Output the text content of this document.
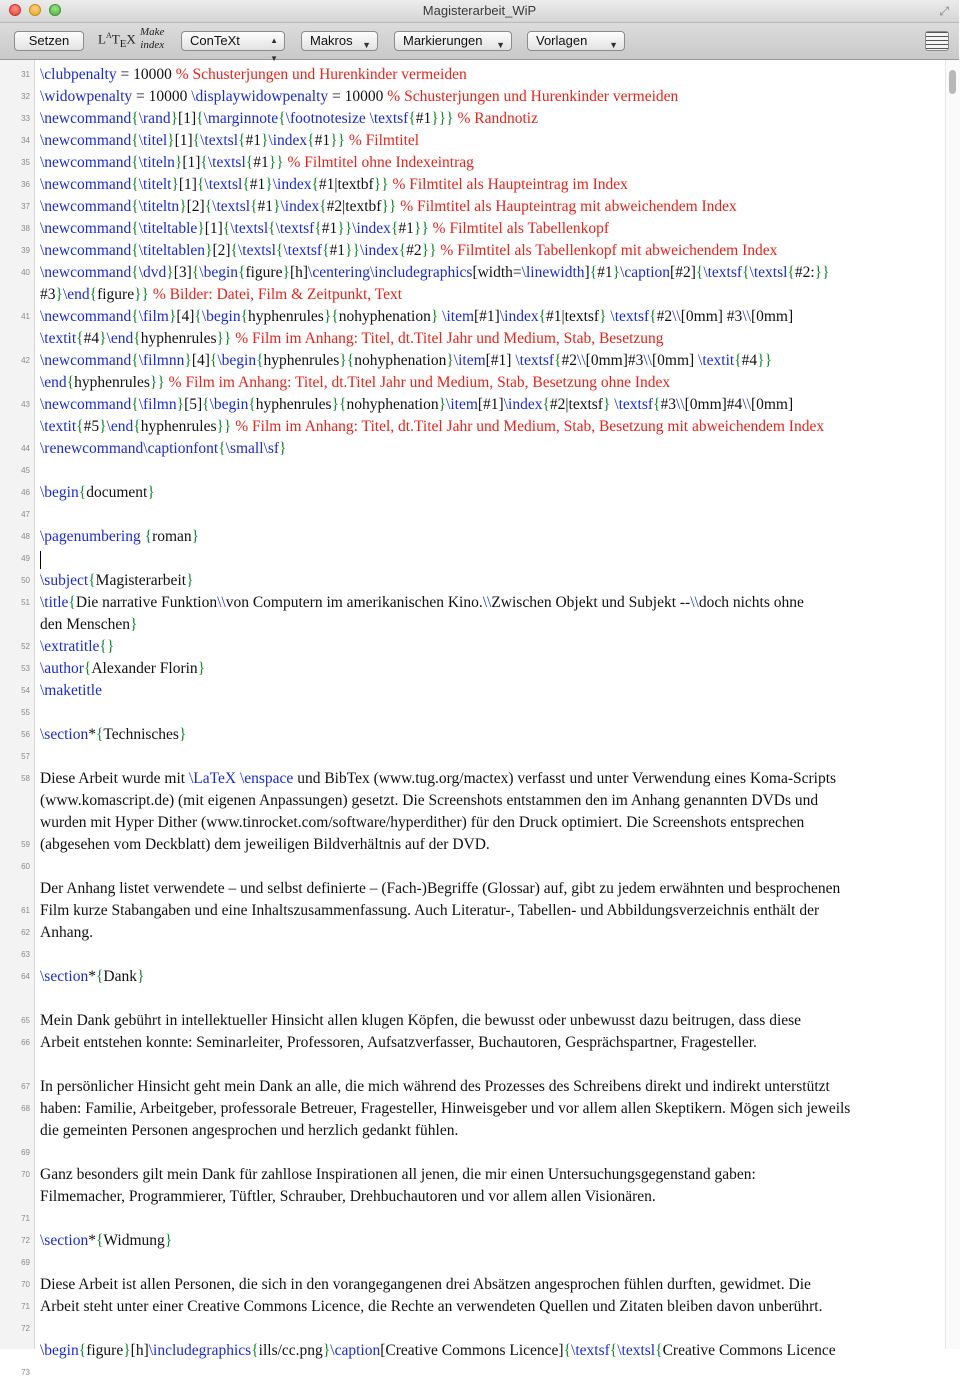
Magisterarbeit_WiP	⤢
Setzen	$L^AT_EX$ Make
index	ConTeXt	▲
▼
Makros ▼	Markierungen ▼	Vorlagen ▼
31
32
33
34
35
36
37
38
39
40
41
42
43
44
45
46
47
48
49
50
51
52
53
54
55
56
57
58
59
60
61
62
63
64
65
66
67
68
69
70
71
72
69
70
71
72
73
\clubpenalty = 10000 % Schusterjungen und Hurenkinder vermeiden
\widowpenalty = 10000 \displaywidowpenalty = 10000 % Schusterjungen und Hurenkinder vermeiden
\newcommand{\rand}[1]{\marginnote{\footnotesize \textsf{#1}}} % Randnotiz
\newcommand{\titel}[1]{\textsl{#1}\index{#1}} % Filmtitel
\newcommand{\titeln}[1]{\textsl{#1}} % Filmtitel ohne Indexeintrag
\newcommand{\titelt}[1]{\textsl{#1}\index{#1|textbf}} % Filmtitel als Haupteintrag im Index
\newcommand{\titeltn}[2]{\textsl{#1}\index{#2|textbf}} % Filmtitel als Haupteintrag mit abweichendem Index
\newcommand{\titeltable}[1]{\textsl{\textsf{#1}}\index{#1}} % Filmtitel als Tabellenkopf
\newcommand{\titeltablen}[2]{\textsl{\textsf{#1}}\index{#2}} % Filmtitel als Tabellenkopf mit abweichendem Index
\newcommand{\dvd}[3]{\begin{figure}[h]\centering\includegraphics[width=\linewidth]{#1}\caption[#2]{\textsf{\textsl{#2:}}
#3}\end{figure}} % Bilder: Datei, Film & Zeitpunkt, Text
\newcommand{\film}[4]{\begin{hyphenrules}{nohyphenation} \item[#1]\index{#1|textsf} \textsf{#2\\[0mm] #3\\[0mm]
\textit{#4}\end{hyphenrules}} % Film im Anhang: Titel, dt.Titel Jahr und Medium, Stab, Besetzung
\newcommand{\filmnn}[4]{\begin{hyphenrules}{nohyphenation}\item[#1] \textsf{#2\\[0mm]#3\\[0mm] \textit{#4}}
\end{hyphenrules}} % Film im Anhang: Titel, dt.Titel Jahr und Medium, Stab, Besetzung ohne Index
\newcommand{\filmn}[5]{\begin{hyphenrules}{nohyphenation}\item[#1]\index{#2|textsf} \textsf{#3\\[0mm]#4\\[0mm]
\textit{#5}\end{hyphenrules}} % Film im Anhang: Titel, dt.Titel Jahr und Medium, Stab, Besetzung mit abweichendem Index
\renewcommand\captionfont{\small\sf}
\begin{document}
\pagenumbering {roman}
\subject{Magisterarbeit}
\title{Die narrative Funktion\\von Computern im amerikanischen Kino.\\Zwischen Objekt und Subjekt --\\doch nichts ohne
den Menschen}
\extratitle{}
\author{Alexander Florin}
\maketitle
\section*{Technisches}
Diese Arbeit wurde mit \LaTeX \enspace und BibTex (www.tug.org/mactex) verfasst und unter Verwendung eines Koma-Scripts
(www.komascript.de) (mit eigenen Anpassungen) gesetzt. Die Screenshots entstammen den im Anhang genannten DVDs und
wurden mit Hyper Dither (www.tinrocket.com/software/hyperdither) für den Druck optimiert. Die Screenshots entsprechen
(abgesehen vom Deckblatt) dem jeweiligen Bildverhältnis auf der DVD.
Der Anhang listet verwendete – und selbst definierte – (Fach-)Begriffe (Glossar) auf, gibt zu jedem erwähnten und besprochenen
Film kurze Stabangaben und eine Inhaltszusammenfassung. Auch Literatur-, Tabellen- und Abbildungsverzeichnis enthält der
Anhang.
\section*{Dank}
Mein Dank gebührt in intellektueller Hinsicht allen klugen Köpfen, die bewusst oder unbewusst dazu beitrugen, dass diese
Arbeit entstehen konnte: Seminarleiter, Professoren, Aufsatzverfasser, Buchautoren, Gesprächspartner, Fragesteller.
In persönlicher Hinsicht geht mein Dank an alle, die mich während des Prozesses des Schreibens direkt und indirekt unterstützt
haben: Familie, Arbeitgeber, professorale Betreuer, Fragesteller, Hinweisgeber und vor allem allen Skeptikern. Mögen sich jeweils
die gemeinten Personen angesprochen und herzlich gedankt fühlen.
Ganz besonders gilt mein Dank für zahllose Inspirationen all jenen, die mir einen Untersuchungsgegenstand gaben:
Filmemacher, Programmierer, Tüftler, Schrauber, Drehbuchautoren und vor allem allen Visionären.
\section*{Widmung}
Diese Arbeit ist allen Personen, die sich in den vorangegangenen drei Absätzen angesprochen fühlen durften, gewidmet. Die
Arbeit steht unter einer Creative Commons Licence, die Rechte an verwendeten Quellen und Zitaten bleiben davon unberührt.
\begin{figure}[h]\includegraphics{ills/cc.png}\caption[Creative Commons Licence]{\textsf{\textsl{Creative Commons Licence
